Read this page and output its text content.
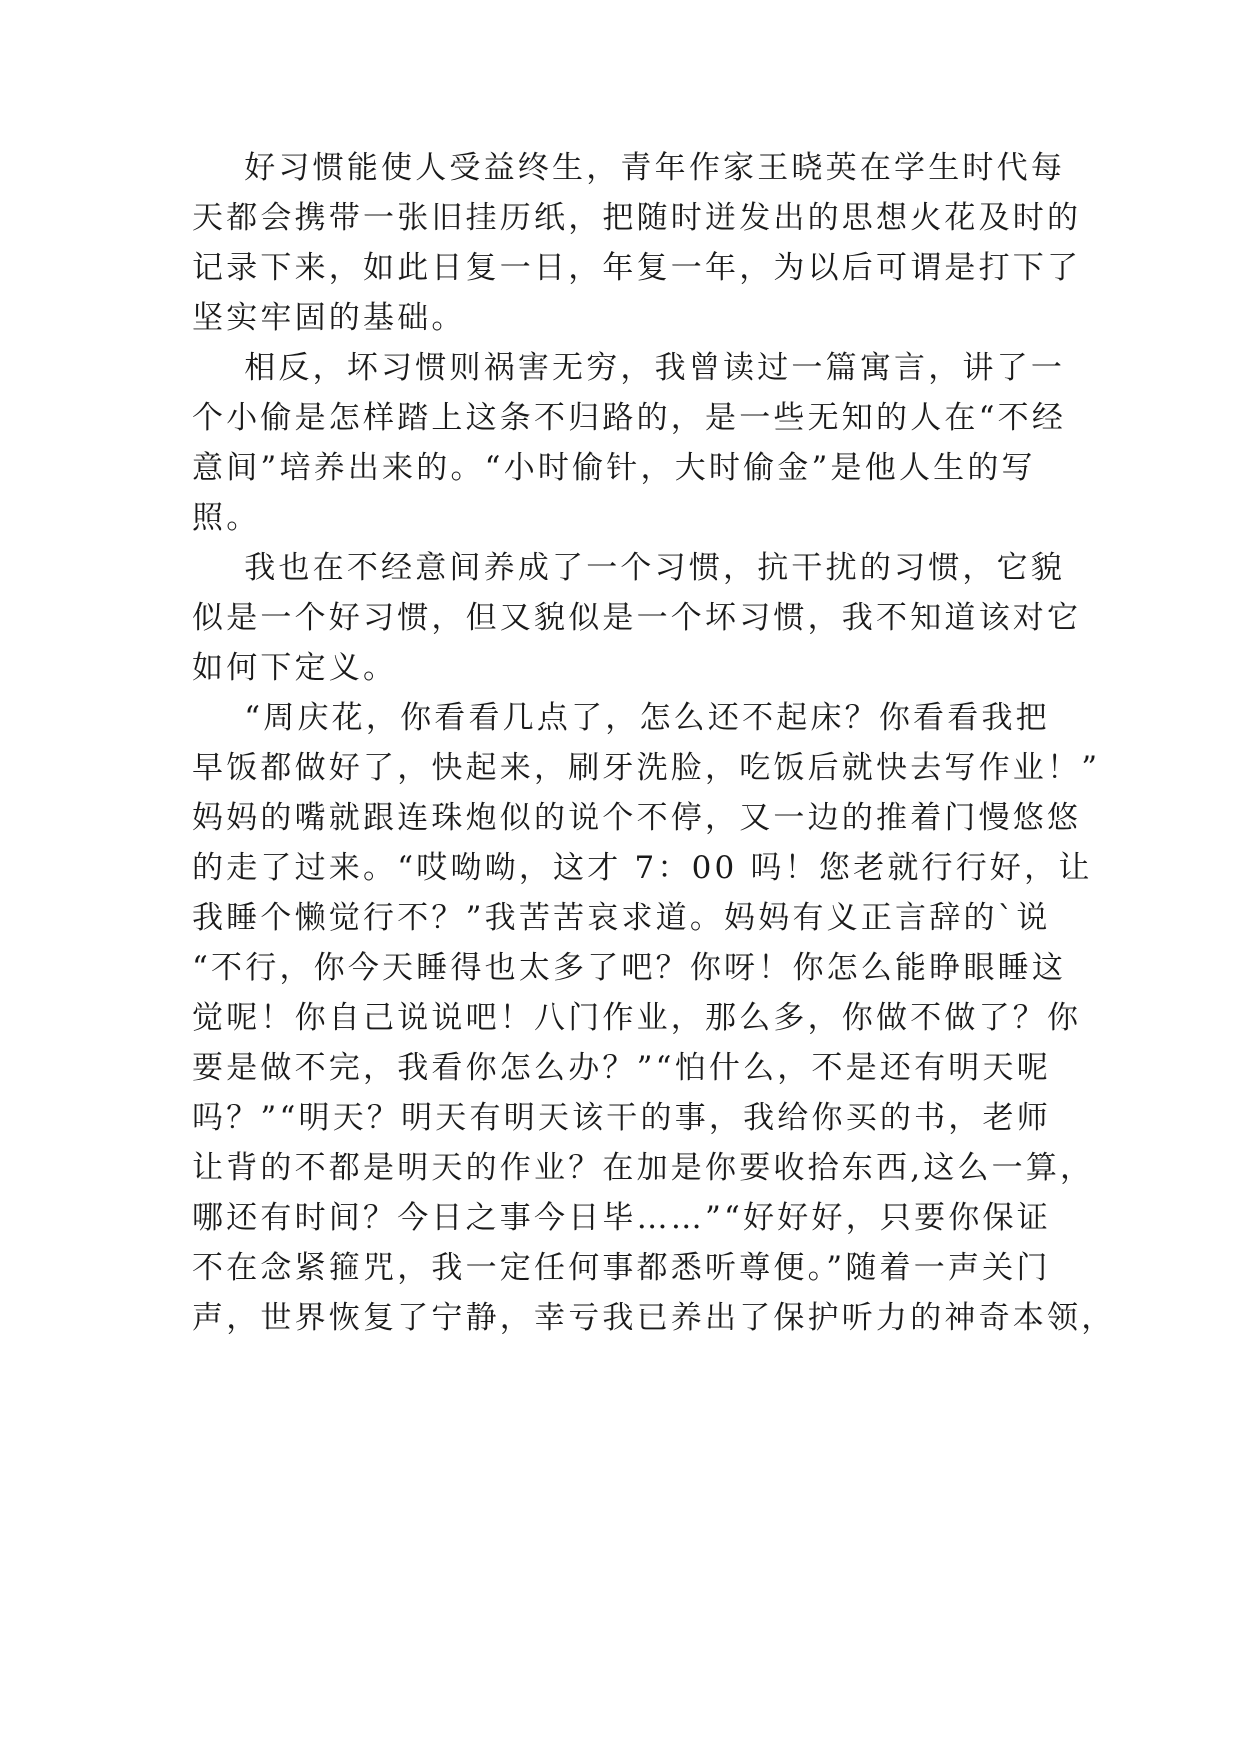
好习惯能使人受益终生，青年作家王晓英在学生时代每
天都会携带一张旧挂历纸，把随时迸发出的思想火花及时的
记录下来，如此日复一日，年复一年，为以后可谓是打下了
坚实牢固的基础。
相反，坏习惯则祸害无穷，我曾读过一篇寓言，讲了一
个小偷是怎样踏上这条不归路的，是一些无知的人在“不经
意间”培养出来的。“小时偷针，大时偷金”是他人生的写
照。
我也在不经意间养成了一个习惯，抗干扰的习惯，它貌
似是一个好习惯，但又貌似是一个坏习惯，我不知道该对它
如何下定义。
“周庆花，你看看几点了，怎么还不起床？你看看我把
早饭都做好了，快起来，刷牙洗脸，吃饭后就快去写作业！”
妈妈的嘴就跟连珠炮似的说个不停，又一边的推着门慢悠悠
的走了过来。“哎呦呦，这才 7：00 吗！您老就行行好，让
我睡个懒觉行不？”我苦苦哀求道。妈妈有义正言辞的`说
“不行，你今天睡得也太多了吧？你呀！你怎么能睁眼睡这
觉呢！你自己说说吧！八门作业，那么多，你做不做了？你
要是做不完，我看你怎么办？”“怕什么，不是还有明天呢
吗？”“明天？明天有明天该干的事，我给你买的书，老师
让背的不都是明天的作业？在加是你要收拾东西,这么一算，
哪还有时间？今日之事今日毕……”“好好好，只要你保证
不在念紧箍咒，我一定任何事都悉听尊便。”随着一声关门
声，世界恢复了宁静，幸亏我已养出了保护听力的神奇本领，
